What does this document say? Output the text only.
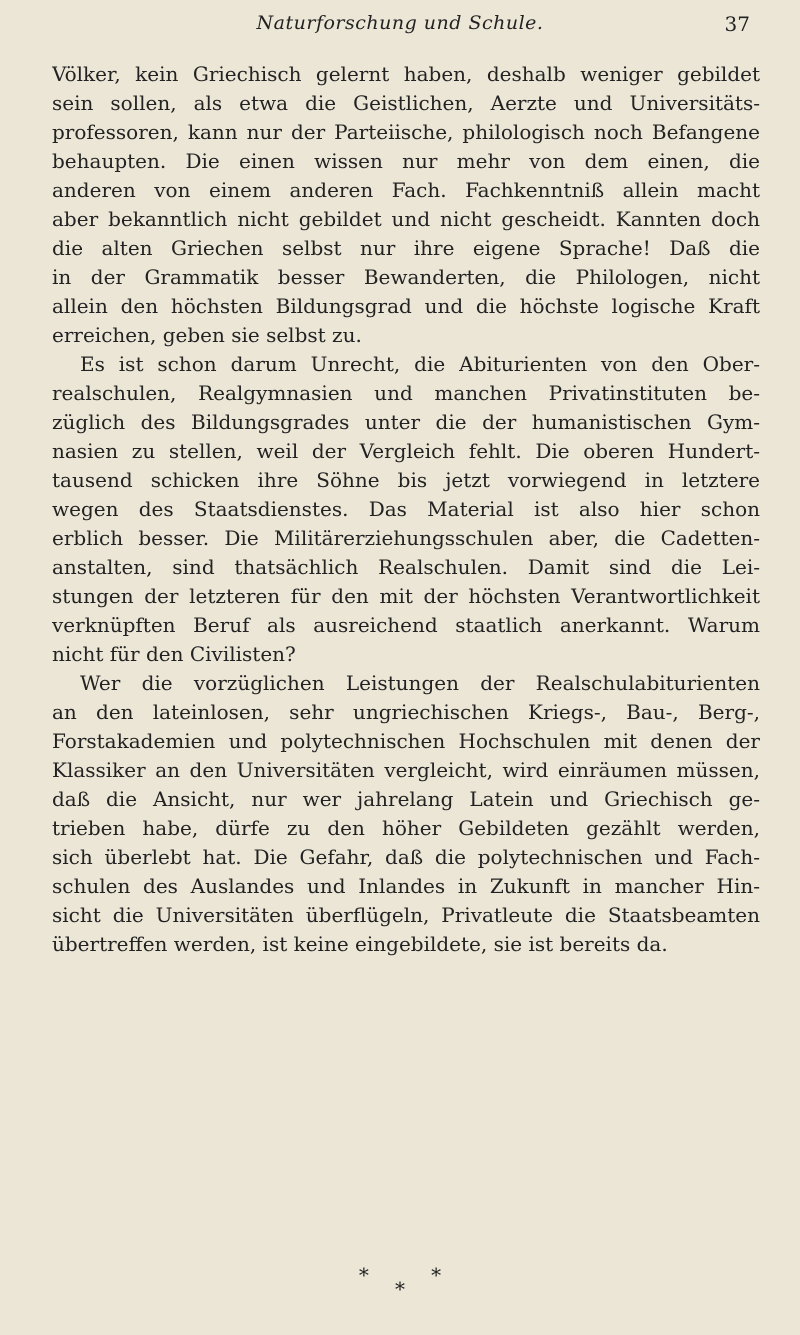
Naturforschung und Schule.	37
Völker, kein Griechisch gelernt haben, deshalb weniger gebildet
sein sollen, als etwa die Geistlichen, Aerzte und Universitäts-
professoren, kann nur der Parteiische, philologisch noch Befangene
behaupten. Die einen wissen nur mehr von dem einen, die
anderen von einem anderen Fach. Fachkenntniß allein macht
aber bekanntlich nicht gebildet und nicht gescheidt. Kannten doch
die alten Griechen selbst nur ihre eigene Sprache! Daß die
in der Grammatik besser Bewanderten, die Philologen, nicht
allein den höchsten Bildungsgrad und die höchste logische Kraft
erreichen, geben sie selbst zu.
Es ist schon darum Unrecht, die Abiturienten von den Ober-
realschulen, Realgymnasien und manchen Privatinstituten be-
züglich des Bildungsgrades unter die der humanistischen Gym-
nasien zu stellen, weil der Vergleich fehlt. Die oberen Hundert-
tausend schicken ihre Söhne bis jetzt vorwiegend in letztere
wegen des Staatsdienstes. Das Material ist also hier schon
erblich besser. Die Militärerziehungsschulen aber, die Cadetten-
anstalten, sind thatsächlich Realschulen. Damit sind die Lei-
stungen der letzteren für den mit der höchsten Verantwortlichkeit
verknüpften Beruf als ausreichend staatlich anerkannt. Warum
nicht für den Civilisten?
Wer die vorzüglichen Leistungen der Realschulabiturienten
an den lateinlosen, sehr ungriechischen Kriegs-, Bau-, Berg-,
Forstakademien und polytechnischen Hochschulen mit denen der
Klassiker an den Universitäten vergleicht, wird einräumen müssen,
daß die Ansicht, nur wer jahrelang Latein und Griechisch ge-
trieben habe, dürfe zu den höher Gebildeten gezählt werden,
sich überlebt hat. Die Gefahr, daß die polytechnischen und Fach-
schulen des Auslandes und Inlandes in Zukunft in mancher Hin-
sicht die Universitäten überflügeln, Privatleute die Staatsbeamten
übertreffen werden, ist keine eingebildete, sie ist bereits da.
*	*
*
